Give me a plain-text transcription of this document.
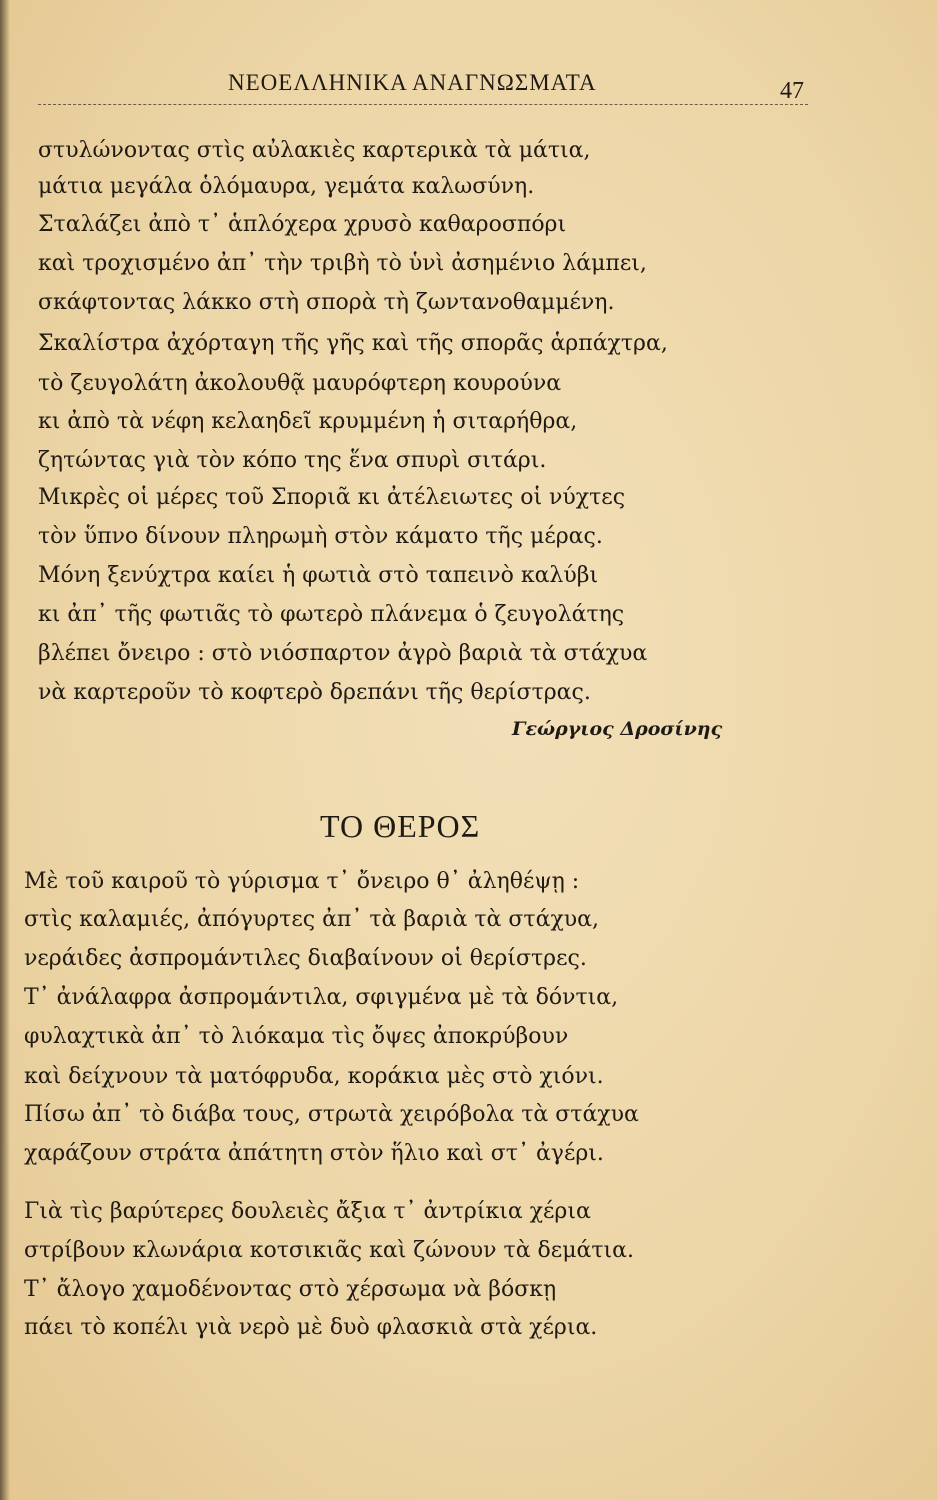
ΝΕΟΕΛΛΗΝΙΚΑ ΑΝΑΓΝΩΣΜΑΤΑ	47
στυλώνοντας στὶς αὐλακιὲς καρτερικὰ τὰ μάτια,
μάτια μεγάλα ὁλόμαυρα, γεμάτα καλωσύνη.
Σταλάζει ἀπὸ τ᾽ ἁπλόχερα χρυσὸ καθαροσπόρι
καὶ τροχισμένο ἀπ᾽ τὴν τριβὴ τὸ ὑνὶ ἀσημένιο λάμπει,
σκάφτοντας λάκκο στὴ σπορὰ τὴ ζωντανοθαμμένη.
Σκαλίστρα ἀχόρταγη τῆς γῆς καὶ τῆς σπορᾶς ἁρπάχτρα,
τὸ ζευγολάτη ἀκολουθᾷ μαυρόφτερη κουρούνα
κι ἀπὸ τὰ νέφη κελαηδεῖ κρυμμένη ἡ σιταρήθρα,
ζητώντας γιὰ τὸν κόπο της ἕνα σπυρὶ σιτάρι.
Μικρὲς οἱ μέρες τοῦ Σποριᾶ κι ἀτέλειωτες οἱ νύχτες
τὸν ὕπνο δίνουν πληρωμὴ στὸν κάματο τῆς μέρας.
Μόνη ξενύχτρα καίει ἡ φωτιὰ στὸ ταπεινὸ καλύβι
κι ἀπ᾽ τῆς φωτιᾶς τὸ φωτερὸ πλάνεμα ὁ ζευγολάτης
βλέπει ὄνειρο : στὸ νιόσπαρτον ἀγρὸ βαριὰ τὰ στάχυα
νὰ καρτεροῦν τὸ κοφτερὸ δρεπάνι τῆς θερίστρας.
Γεώργιος Δροσίνης
ΤΟ ΘΕΡΟΣ
Μὲ τοῦ καιροῦ τὸ γύρισμα τ᾽ ὄνειρο θ᾽ ἀληθέψῃ :
στὶς καλαμιές, ἀπόγυρτες ἀπ᾽ τὰ βαριὰ τὰ στάχυα,
νεράιδες ἀσπρομάντιλες διαβαίνουν οἱ θερίστρες.
Τ᾽ ἀνάλαφρα ἀσπρομάντιλα, σφιγμένα μὲ τὰ δόντια,
φυλαχτικὰ ἀπ᾽ τὸ λιόκαμα τὶς ὄψες ἀποκρύβουν
καὶ δείχνουν τὰ ματόφρυδα, κοράκια μὲς στὸ χιόνι.
Πίσω ἀπ᾽ τὸ διάβα τους, στρωτὰ χειρόβολα τὰ στάχυα
χαράζουν στράτα ἀπάτητη στὸν ἥλιο καὶ στ᾽ ἀγέρι.
Γιὰ τὶς βαρύτερες δουλειὲς ἄξια τ᾽ ἀντρίκια χέρια
στρίβουν κλωνάρια κοτσικιᾶς καὶ ζώνουν τὰ δεμάτια.
Τ᾽ ἄλογο χαμοδένοντας στὸ χέρσωμα νὰ βόσκῃ
πάει τὸ κοπέλι γιὰ νερὸ μὲ δυὸ φλασκιὰ στὰ χέρια.
